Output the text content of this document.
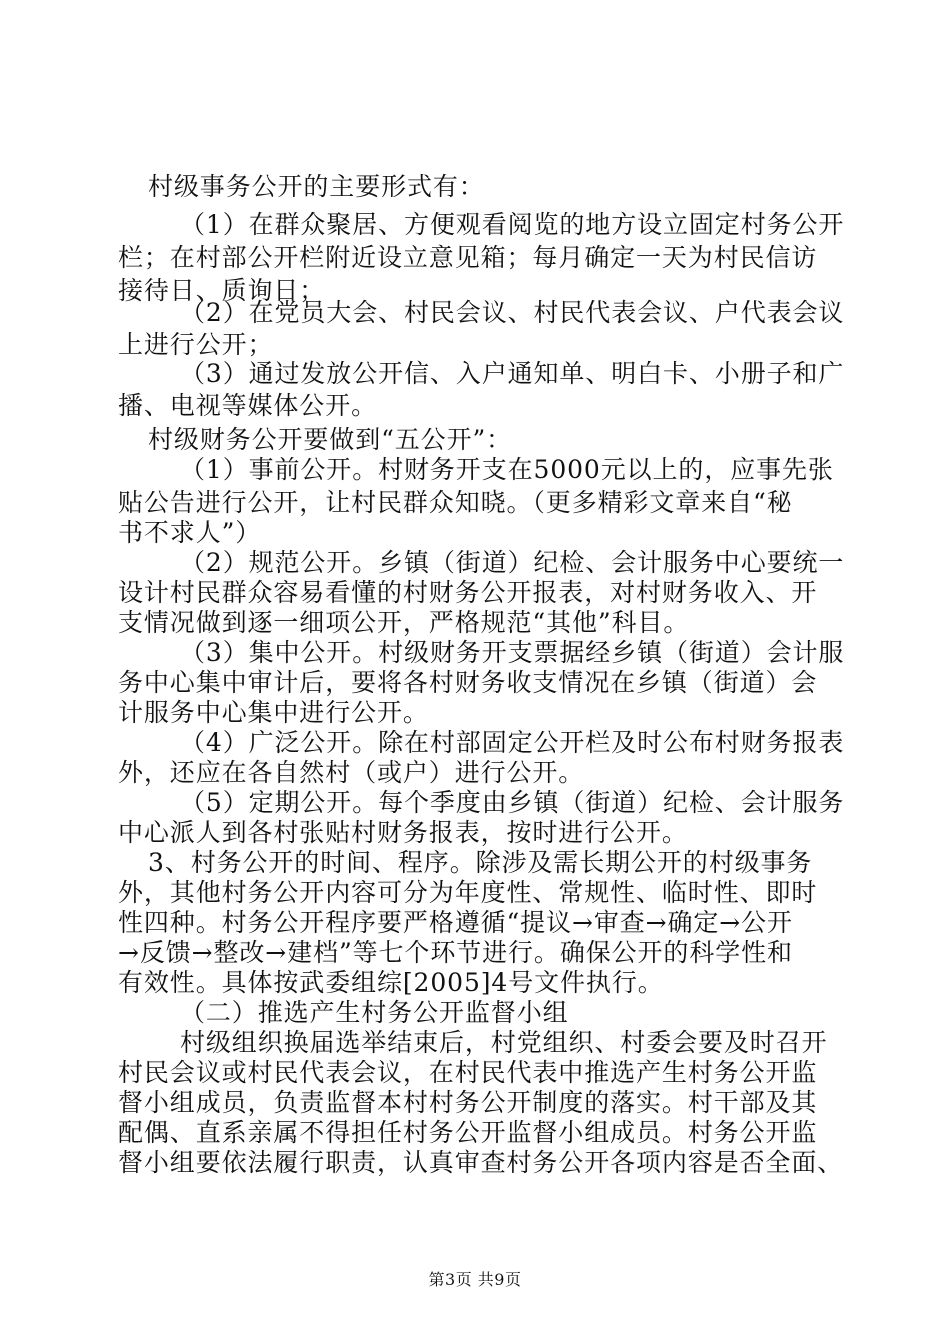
村级事务公开的主要形式有：
（1）在群众聚居、方便观看阅览的地方设立固定村务公开
栏；在村部公开栏附近设立意见箱；每月确定一天为村民信访
接待日、质询日；
（2）在党员大会、村民会议、村民代表会议、户代表会议
上进行公开；
（3）通过发放公开信、入户通知单、明白卡、小册子和广
播、电视等媒体公开。
村级财务公开要做到“五公开”：
（1）事前公开。村财务开支在5000元以上的，应事先张
贴公告进行公开，让村民群众知晓。（更多精彩文章来自“秘
书不求人”）
（2）规范公开。乡镇（街道）纪检、会计服务中心要统一
设计村民群众容易看懂的村财务公开报表，对村财务收入、开
支情况做到逐一细项公开，严格规范“其他”科目。
（3）集中公开。村级财务开支票据经乡镇（街道）会计服
务中心集中审计后，要将各村财务收支情况在乡镇（街道）会
计服务中心集中进行公开。
（4）广泛公开。除在村部固定公开栏及时公布村财务报表
外，还应在各自然村（或户）进行公开。
（5）定期公开。每个季度由乡镇（街道）纪检、会计服务
中心派人到各村张贴村财务报表，按时进行公开。
3、村务公开的时间、程序。除涉及需长期公开的村级事务
外，其他村务公开内容可分为年度性、常规性、临时性、即时
性四种。村务公开程序要严格遵循“提议→审查→确定→公开
→反馈→整改→建档”等七个环节进行。确保公开的科学性和
有效性。具体按武委组综[2005]4号文件执行。
（二）推选产生村务公开监督小组
村级组织换届选举结束后，村党组织、村委会要及时召开
村民会议或村民代表会议，在村民代表中推选产生村务公开监
督小组成员，负责监督本村村务公开制度的落实。村干部及其
配偶、直系亲属不得担任村务公开监督小组成员。村务公开监
督小组要依法履行职责，认真审查村务公开各项内容是否全面、
第3页 共9页
